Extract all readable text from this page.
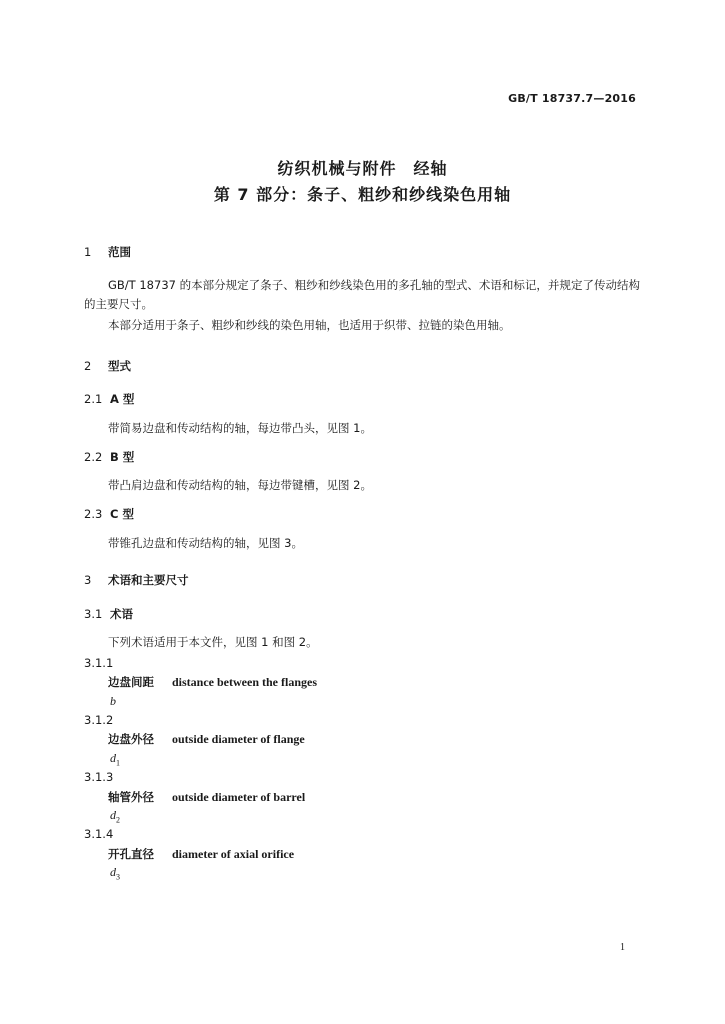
GB/T 18737.7—2016
纺织机械与附件　经轴
第 7 部分：条子、粗纱和纱线染色用轴
1 范围
GB/T 18737 的本部分规定了条子、粗纱和纱线染色用的多孔轴的型式、术语和标记，并规定了传动结构的主要尺寸。
本部分适用于条子、粗纱和纱线的染色用轴，也适用于织带、拉链的染色用轴。
2 型式
2.1 A 型
带简易边盘和传动结构的轴，每边带凸头，见图 1。
2.2 B 型
带凸肩边盘和传动结构的轴，每边带键槽，见图 2。
2.3 C 型
带锥孔边盘和传动结构的轴，见图 3。
3 术语和主要尺寸
3.1 术语
下列术语适用于本文件，见图 1 和图 2。
3.1.1
边盘间距 distance between the flanges
b
3.1.2
边盘外径 outside diameter of flange
$d_1$
3.1.3
轴管外径 outside diameter of barrel
$d_2$
3.1.4
开孔直径 diameter of axial orifice
$d_3$
1
